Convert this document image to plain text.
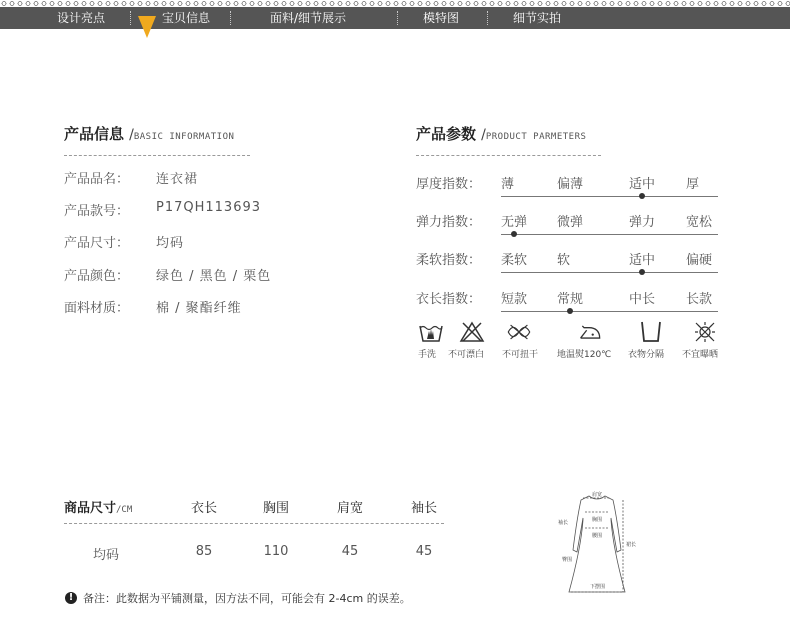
设计亮点	宝贝信息	面料/细节展示	模特图	细节实拍
产品信息 /BASIC INFORMATION
产品品名： 连衣裙
产品款号： P17QH113693
产品尺寸： 均码
产品颜色： 绿色 / 黑色 / 栗色
面料材质： 棉 / 聚酯纤维
产品参数 /PRODUCT PARMETERS
厚度指数： 薄	偏薄	适中 厚
弹力指数： 无弹 微弹	弹力 宽松
柔软指数： 柔软 软	适中 偏硬
衣长指数： 短款 常规	中长 长款
手洗 不可漂白 不可扭干 地温熨120℃ 衣物分隔 不宜曝晒
商品尺寸/CM	衣长	胸围	肩宽	袖长
均码	85	110	45	45
! 备注：此数据为平铺测量，因方法不同，可能会有 2-4cm 的误差。
肩宽
胸围
腰围
袖长
裙长
臀围
下摆围
